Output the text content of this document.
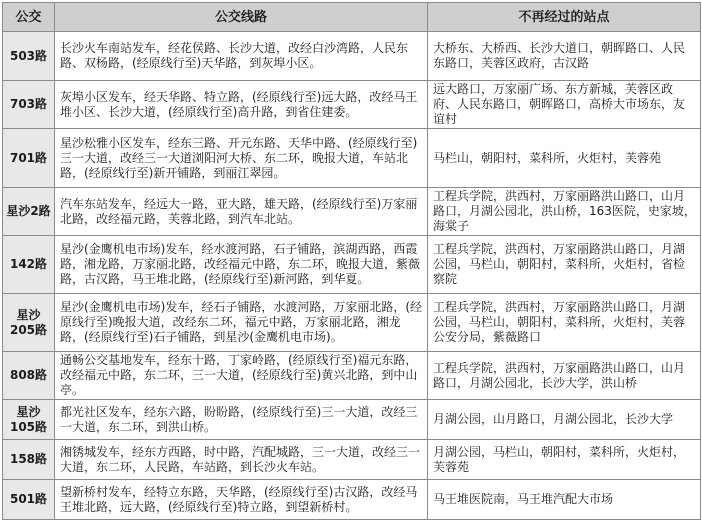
公交	公交线路	不再经过的站点
503路	长沙火车南站发车，经花侯路、长沙大道，改经白沙湾路，人民东路、双杨路，(经原线行至)天华路，到灰埠小区。	大桥东、大桥西、长沙大道口，朝晖路口、人民东路口，芙蓉区政府，古汉路
703路	灰埠小区发车，经天华路、特立路，(经原线行至)远大路，改经马王堆小区、长沙大道，(经原线行至)高升路，到省住建委。	远大路口，万家丽广场、东方新城，芙蓉区政府、人民东路口，朝晖路口，高桥大市场东，友谊村
701路	星沙松雅小区发车，经东三路、开元东路、天华中路、(经原线行至)三一大道，改经三一大道浏阳河大桥、东二环，晚报大道，车站北路，(经原线行至)新开铺路，到丽江翠园。	马栏山，朝阳村，菜科所，火炬村，芙蓉苑
星沙2路	汽车东站发车，经远大一路，亚大路，雄天路，(经原线行至)万家丽北路，改经福元路，芙蓉北路，到汽车北站。	工程兵学院，洪西村，万家丽路洪山路口，山月路口，月湖公园北，洪山桥，163医院，史家坡，海棠子
142路	星沙(金鹰机电市场)发车，经水渡河路，石子铺路，滨湖西路，西霞路，湘龙路，万家丽北路，改经福元中路，东二环，晚报大道，紫薇路，古汉路，马王堆北路，(经原线行至)新河路，到华夏。	工程兵学院，洪西村，万家丽路洪山路口，月湖公园，马栏山，朝阳村，菜科所，火炬村，省检察院
星沙205路	星沙(金鹰机电市场)发车，经石子铺路，水渡河路，万家丽北路，(经原线行至)晚报大道，改经东二环，福元中路，万家丽北路，湘龙路，(经原线行至)石子铺路，到星沙(金鹰机电市场)。	工程兵学院，洪西村，万家丽路洪山路口，月湖公园，马栏山，朝阳村，菜科所，火炬村，芙蓉公安分局，紫薇路口
808路	通畅公交基地发车，经东十路，丁家岭路，(经原线行至)福元东路，改经福元中路，东二环，三一大道，(经原线行至)黄兴北路，到中山亭。	工程兵学院，洪西村，万家丽路洪山路口，山月路口，月湖公园北，长沙大学，洪山桥
星沙105路	都光社区发车，经东六路，盼盼路，(经原线行至)三一大道，改经三一大道，东二环，到洪山桥。	月湖公园，山月路口，月湖公园北，长沙大学
158路	湘锈城发车，经东方西路，时中路，汽配城路，三一大道，改经三一大道，东二环，人民路，车站路，到长沙火车站。	月湖公园，马栏山，朝阳村，菜科所，火炬村，芙蓉苑
501路	望新桥村发车，经特立东路，天华路，(经原线行至)古汉路，改经马王堆北路，远大路，(经原线行至)特立路，到望新桥村。	马王堆医院南，马王堆汽配大市场
